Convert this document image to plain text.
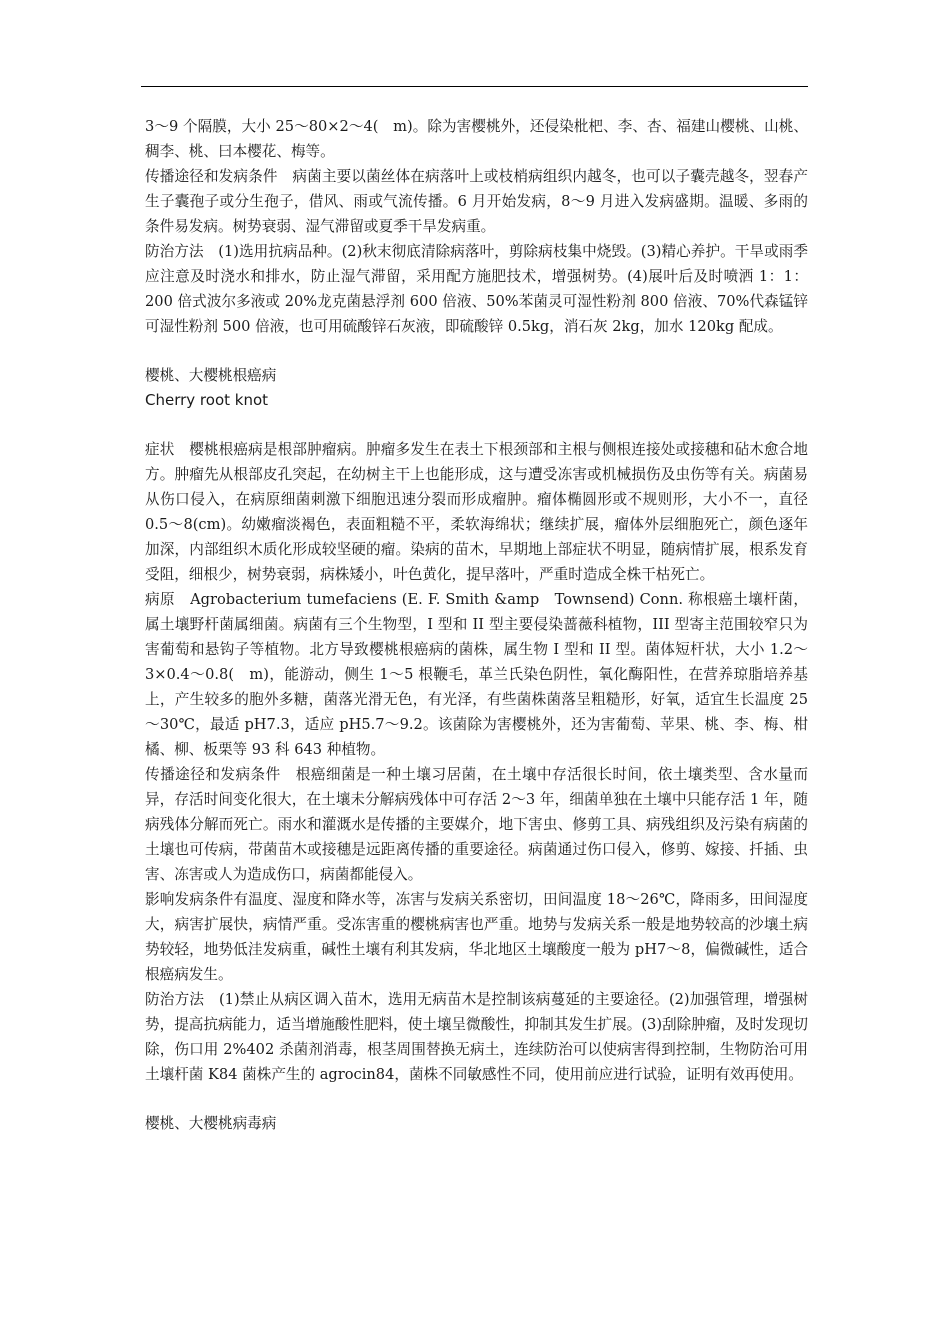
3～9 个隔膜，大小 25～80×2～4(　m)。除为害樱桃外，还侵染枇杷、李、杏、福建山樱桃、山桃、稠李、桃、曰本樱花、梅等。

传播途径和发病条件　病菌主要以菌丝体在病落叶上或枝梢病组织内越冬，也可以子囊壳越冬，翌春产生子囊孢子或分生孢子，借风、雨或气流传播。6 月开始发病，8～9 月进入发病盛期。温暖、多雨的条件易发病。树势衰弱、湿气滞留或夏季干旱发病重。

防治方法　(1)选用抗病品种。(2)秋末彻底清除病落叶，剪除病枝集中烧毁。(3)精心养护。干旱或雨季应注意及时浇水和排水，防止湿气滞留，采用配方施肥技术，增强树势。(4)展叶后及时喷洒 1：1：200 倍式波尔多液或 20%龙克菌悬浮剂 600 倍液、50%苯菌灵可湿性粉剂 800 倍液、70%代森锰锌可湿性粉剂 500 倍液，也可用硫酸锌石灰液，即硫酸锌 0.5kg，消石灰 2kg，加水 120kg 配成。

樱桃、大樱桃根癌病

Cherry root knot

症状　樱桃根癌病是根部肿瘤病。肿瘤多发生在表土下根颈部和主根与侧根连接处或接穗和砧木愈合地方。肿瘤先从根部皮孔突起，在幼树主干上也能形成，这与遭受冻害或机械损伤及虫伤等有关。病菌易从伤口侵入，在病原细菌刺激下细胞迅速分裂而形成瘤肿。瘤体椭圆形或不规则形，大小不一，直径 0.5～8(cm)。幼嫩瘤淡褐色，表面粗糙不平，柔软海绵状；继续扩展，瘤体外层细胞死亡，颜色逐年加深，内部组织木质化形成较坚硬的瘤。染病的苗木，早期地上部症状不明显，随病情扩展，根系发育受阻，细根少，树势衰弱，病株矮小，叶色黄化，提早落叶，严重时造成全株干枯死亡。

病原　Agrobacterium tumefaciens (E. F. Smith &amp　Townsend) Conn. 称根癌土壤杆菌，属土壤野杆菌属细菌。病菌有三个生物型，I 型和 II 型主要侵染蔷薇科植物，III 型寄主范围较窄只为害葡萄和悬钩子等植物。北方导致樱桃根癌病的菌株，属生物 I 型和 II 型。菌体短杆状，大小 1.2～3×0.4～0.8(　m)，能游动，侧生 1～5 根鞭毛，革兰氏染色阴性，氧化酶阳性，在营养琼脂培养基上，产生较多的胞外多糖，菌落光滑无色，有光泽，有些菌株菌落呈粗糙形，好氧，适宜生长温度 25～30℃，最适 pH7.3，适应 pH5.7～9.2。该菌除为害樱桃外，还为害葡萄、苹果、桃、李、梅、柑橘、柳、板栗等 93 科 643 种植物。

传播途径和发病条件　根癌细菌是一种土壤习居菌，在土壤中存活很长时间，依土壤类型、含水量而异，存活时间变化很大，在土壤未分解病残体中可存活 2～3 年，细菌单独在土壤中只能存活 1 年，随病残体分解而死亡。雨水和灌溉水是传播的主要媒介，地下害虫、修剪工具、病残组织及污染有病菌的土壤也可传病，带菌苗木或接穗是远距离传播的重要途径。病菌通过伤口侵入，修剪、嫁接、扦插、虫害、冻害或人为造成伤口，病菌都能侵入。

影响发病条件有温度、湿度和降水等，冻害与发病关系密切，田间温度 18～26℃，降雨多，田间湿度大，病害扩展快，病情严重。受冻害重的樱桃病害也严重。地势与发病关系一般是地势较高的沙壤土病势较轻，地势低洼发病重，碱性土壤有利其发病，华北地区土壤酸度一般为 pH7～8，偏微碱性，适合根癌病发生。

防治方法　(1)禁止从病区调入苗木，选用无病苗木是控制该病蔓延的主要途径。(2)加强管理，增强树势，提高抗病能力，适当增施酸性肥料，使土壤呈微酸性，抑制其发生扩展。(3)刮除肿瘤，及时发现切除，伤口用 2%402 杀菌剂消毒，根茎周围替换无病土，连续防治可以使病害得到控制，生物防治可用土壤杆菌 K84 菌株产生的 agrocin84，菌株不同敏感性不同，使用前应进行试验，证明有效再使用。

樱桃、大樱桃病毒病
